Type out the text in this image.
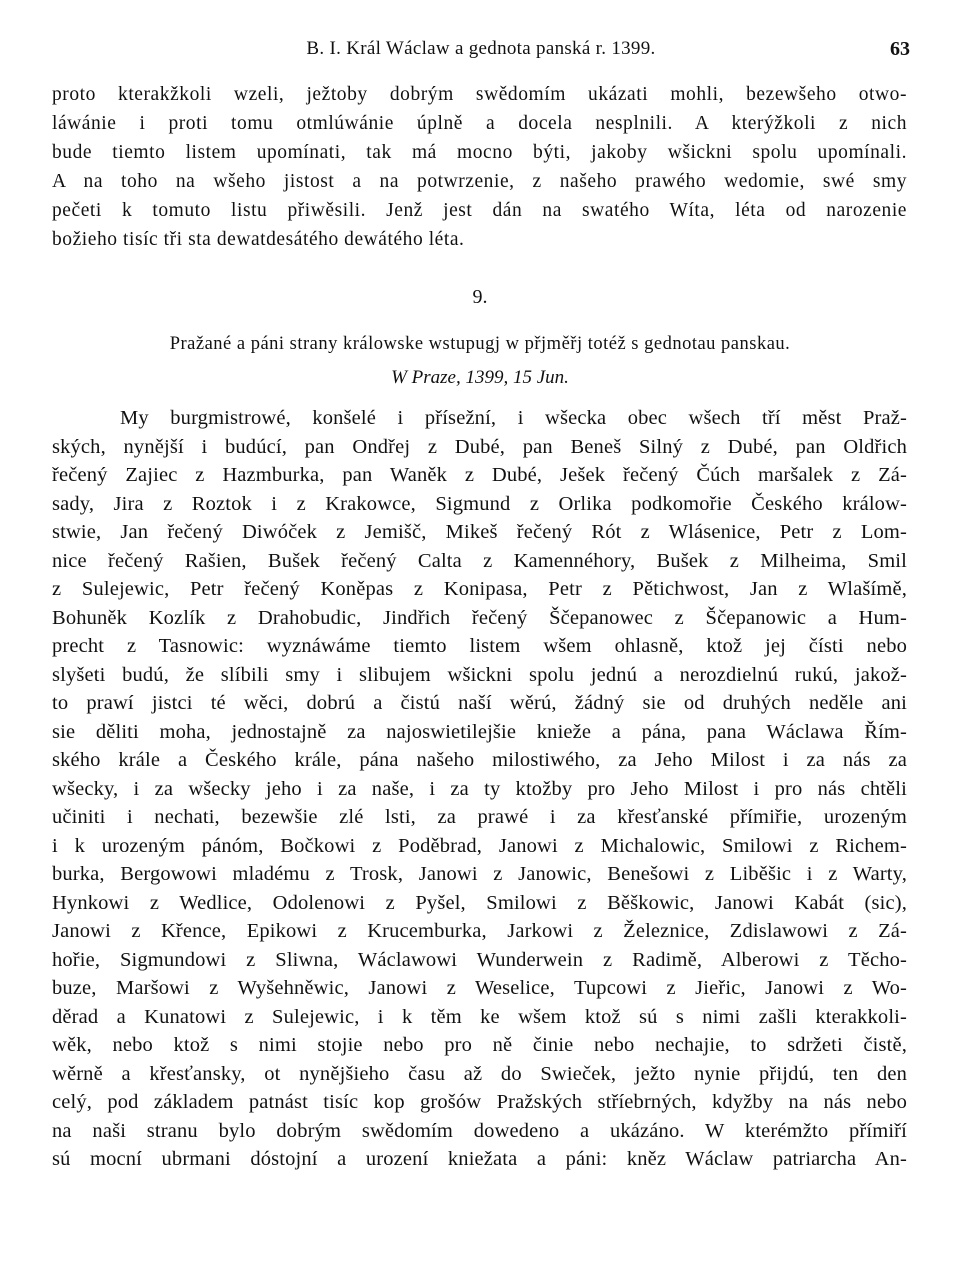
B. I. Král Wáclaw a gednota panská r. 1399.	63
proto kterakžkoli wzeli, ježtoby dobrým swědomím ukázati mohli, bezewšeho otwo-
láwánie i proti tomu otmlúwánie úplně a docela nesplnili. A kterýžkoli z nich
bude tiemto listem upomínati, tak má mocno býti, jakoby wšickni spolu upomínali.
A na toho na wšeho jistost a na potwrzenie, z našeho prawého wedomie, swé smy
pečeti k tomuto listu přiwěsili. Jenž jest dán na swatého Wíta, léta od narozenie
božieho tisíc tři sta dewatdesátého dewátého léta.
9.
Pražané a páni strany králowske wstupugj w přjměřj totéž s gednotau panskau.
W Praze, 1399, 15 Jun.
My burgmistrowé, konšelé i přísežní, i wšecka obec wšech tří měst Praž-
ských, nynější i budúcí, pan Ondřej z Dubé, pan Beneš Silný z Dubé, pan Oldřich
řečený Zajiec z Hazmburka, pan Waněk z Dubé, Ješek řečený Čúch maršalek z Zá-
sady, Jira z Roztok i z Krakowce, Sigmund z Orlika podkomořie Českého králow-
stwie, Jan řečený Diwóček z Jemišč, Mikeš řečený Rót z Wlásenice, Petr z Lom-
nice řečený Rašien, Bušek řečený Calta z Kamennéhory, Bušek z Milheima, Smil
z Sulejewic, Petr řečený Koněpas z Konipasa, Petr z Pětichwost, Jan z Wlašímě,
Bohuněk Kozlík z Drahobudic, Jindřich řečený Ščepanowec z Ščepanowic a Hum-
precht z Tasnowic: wyznáwáme tiemto listem wšem ohlasně, ktož jej čísti nebo
slyšeti budú, že slíbili smy i slibujem wšickni spolu jednú a nerozdielnú rukú, jakož-
to prawí jistci té wěci, dobrú a čistú naší wěrú, žádný sie od druhých neděle ani
sie děliti moha, jednostajně za najoswietilejšie knieže a pána, pana Wáclawa Řím-
ského krále a Českého krále, pána našeho milostiwého, za Jeho Milost i za nás za
wšecky, i za wšecky jeho i za naše, i za ty ktožby pro Jeho Milost i pro nás chtěli
učiniti i nechati, bezewšie zlé lsti, za prawé i za křesťanské přímiřie, urozeným
i k urozeným pánóm, Bočkowi z Poděbrad, Janowi z Michalowic, Smilowi z Richem-
burka, Bergowowi mladému z Trosk, Janowi z Janowic, Benešowi z Liběšic i z Warty,
Hynkowi z Wedlice, Odolenowi z Pyšel, Smilowi z Běškowic, Janowi Kabát (sic),
Janowi z Křence, Epikowi z Krucemburka, Jarkowi z Železnice, Zdislawowi z Zá-
hořie, Sigmundowi z Sliwna, Wáclawowi Wunderwein z Radimě, Alberowi z Těcho-
buze, Maršowi z Wyšehněwic, Janowi z Weselice, Tupcowi z Jieřic, Janowi z Wo-
děrad a Kunatowi z Sulejewic, i k těm ke wšem ktož sú s nimi zašli kterakkoli-
wěk, nebo ktož s nimi stojie nebo pro ně činie nebo nechajie, to sdržeti čistě,
wěrně a křesťansky, ot nynějšieho času až do Swieček, ježto nynie přijdú, ten den
celý, pod základem patnást tisíc kop grošów Pražských stříebrných, kdyžby na nás nebo
na naši stranu bylo dobrým swědomím dowedeno a ukázáno. W kterémžto přímiří
sú mocní ubrmani dóstojní a urození kniežata a páni: kněz Wáclaw patriarcha An-
